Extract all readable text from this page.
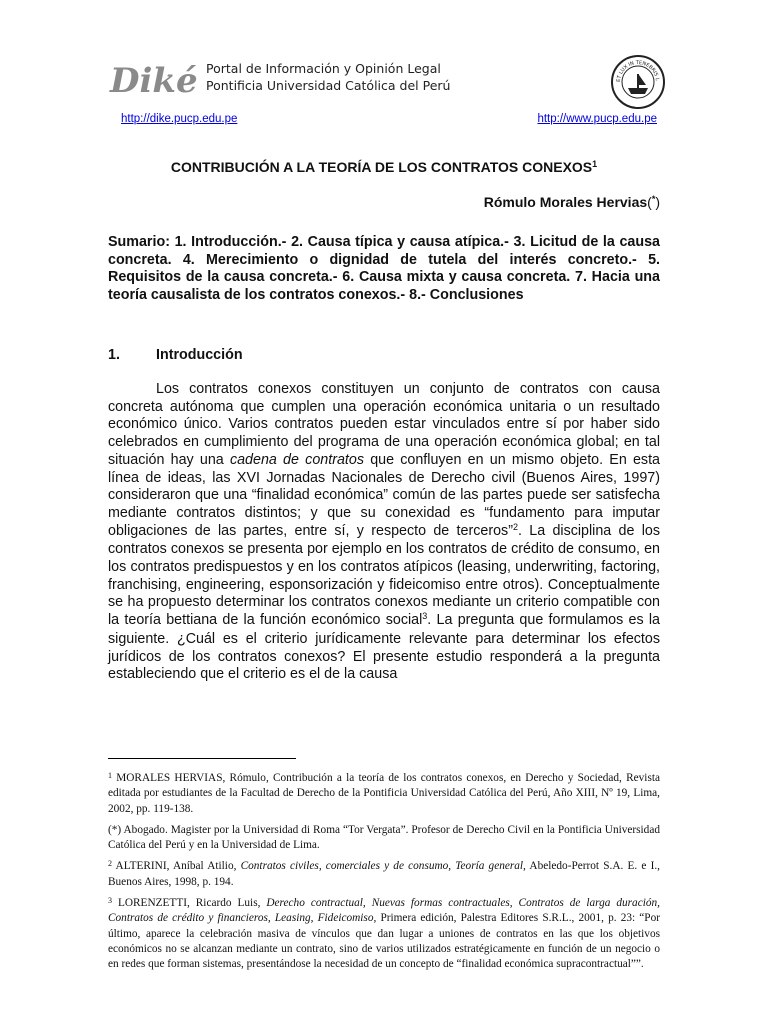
Diké Portal de Información y Opinión Legal
Pontificia Universidad Católica del Perú	ET LUX IN TENEBRIS L
http://dike.pucp.edu.pe	http://www.pucp.edu.pe
CONTRIBUCIÓN A LA TEORÍA DE LOS CONTRATOS CONEXOS$^1$
Rómulo Morales Hervias(*)
Sumario: 1. Introducción.- 2. Causa típica y causa atípica.- 3. Licitud de la causa concreta. 4. Merecimiento o dignidad de tutela del interés concreto.- 5. Requisitos de la causa concreta.- 6. Causa mixta y causa concreta. 7. Hacia una teoría causalista de los contratos conexos.- 8.- Conclusiones
1.	Introducción

Los contratos conexos constituyen un conjunto de contratos con causa concreta autónoma que cumplen una operación económica unitaria o un resultado económico único. Varios contratos pueden estar vinculados entre sí por haber sido celebrados en cumplimiento del programa de una operación económica global; en tal situación hay una cadena de contratos que confluyen en un mismo objeto. En esta línea de ideas, las XVI Jornadas Nacionales de Derecho civil (Buenos Aires, 1997) consideraron que una “finalidad económica” común de las partes puede ser satisfecha mediante contratos distintos; y que su conexidad es “fundamento para imputar obligaciones de las partes, entre sí, y respecto de terceros”$^2$. La disciplina de los contratos conexos se presenta por ejemplo en los contratos de crédito de consumo, en los contratos predispuestos y en los contratos atípicos (leasing, underwriting, factoring, franchising, engineering, esponsorización y fideicomiso entre otros). Conceptualmente se ha propuesto determinar los contratos conexos mediante un criterio compatible con la teoría bettiana de la función económico social$^3$. La pregunta que formulamos es la siguiente. ¿Cuál es el criterio jurídicamente relevante para determinar los efectos jurídicos de los contratos conexos? El presente estudio responderá a la pregunta estableciendo que el criterio es el de la causa

$^1$ MORALES HERVIAS, Rómulo, Contribución a la teoría de los contratos conexos, en Derecho y Sociedad, Revista editada por estudiantes de la Facultad de Derecho de la Pontificia Universidad Católica del Perú, Año XIII, Nº 19, Lima, 2002, pp. 119-138.

(*) Abogado. Magister por la Universidad di Roma “Tor Vergata”. Profesor de Derecho Civil en la Pontificia Universidad Católica del Perú y en la Universidad de Lima.

$^2$ ALTERINI, Aníbal Atilio, Contratos civiles, comerciales y de consumo, Teoría general, Abeledo-Perrot S.A. E. e I., Buenos Aires, 1998, p. 194.

$^3$ LORENZETTI, Ricardo Luis, Derecho contractual, Nuevas formas contractuales, Contratos de larga duración, Contratos de crédito y financieros, Leasing, Fideicomiso, Primera edición, Palestra Editores S.R.L., 2001, p. 23: “Por último, aparece la celebración masiva de vínculos que dan lugar a uniones de contratos en las que los objetivos económicos no se alcanzan mediante un contrato, sino de varios utilizados estratégicamente en función de un negocio o en redes que forman sistemas, presentándose la necesidad de un concepto de “finalidad económica supracontractual””.
